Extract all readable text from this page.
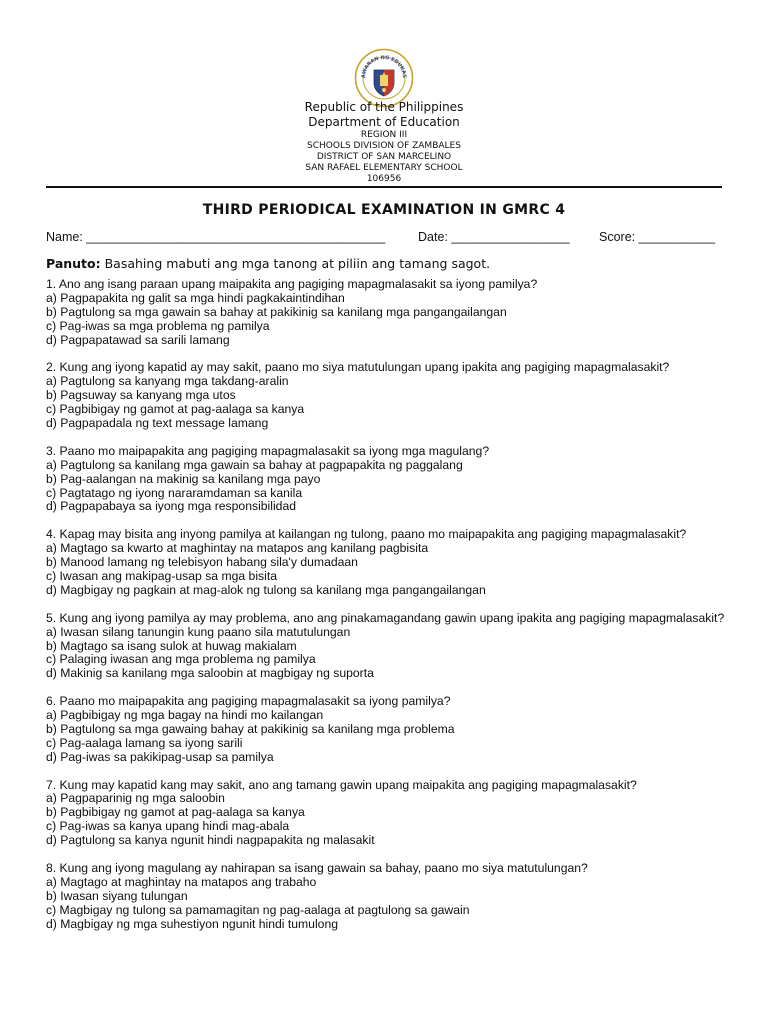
AWARAN NG EDUKAS
Republic of the Philippines
Department of Education
REGION III
SCHOOLS DIVISION OF ZAMBALES
DISTRICT OF SAN MARCELINO
SAN RAFAEL ELEMENTARY SCHOOL
106956
THIRD PERIODICAL EXAMINATION IN GMRC 4
Name: ___________________________________________	Date: _________________ Score: ___________
Panuto: Basahing mabuti ang mga tanong at piliin ang tamang sagot.
1. Ano ang isang paraan upang maipakita ang pagiging mapagmalasakit sa iyong pamilya?
a) Pagpapakita ng galit sa mga hindi pagkakaintindihan
b) Pagtulong sa mga gawain sa bahay at pakikinig sa kanilang mga pangangailangan
c) Pag-iwas sa mga problema ng pamilya
d) Pagpapatawad sa sarili lamang
2. Kung ang iyong kapatid ay may sakit, paano mo siya matutulungan upang ipakita ang pagiging mapagmalasakit?
a) Pagtulong sa kanyang mga takdang-aralin
b) Pagsuway sa kanyang mga utos
c) Pagbibigay ng gamot at pag-aalaga sa kanya
d) Pagpapadala ng text message lamang
3. Paano mo maipapakita ang pagiging mapagmalasakit sa iyong mga magulang?
a) Pagtulong sa kanilang mga gawain sa bahay at pagpapakita ng paggalang
b) Pag-aalangan na makinig sa kanilang mga payo
c) Pagtatago ng iyong nararamdaman sa kanila
d) Pagpapabaya sa iyong mga responsibilidad
4. Kapag may bisita ang inyong pamilya at kailangan ng tulong, paano mo maipapakita ang pagiging mapagmalasakit?
a) Magtago sa kwarto at maghintay na matapos ang kanilang pagbisita
b) Manood lamang ng telebisyon habang sila'y dumadaan
c) Iwasan ang makipag-usap sa mga bisita
d) Magbigay ng pagkain at mag-alok ng tulong sa kanilang mga pangangailangan
5. Kung ang iyong pamilya ay may problema, ano ang pinakamagandang gawin upang ipakita ang pagiging mapagmalasakit?
a) Iwasan silang tanungin kung paano sila matutulungan
b) Magtago sa isang sulok at huwag makialam
c) Palaging iwasan ang mga problema ng pamilya
d) Makinig sa kanilang mga saloobin at magbigay ng suporta
6. Paano mo maipapakita ang pagiging mapagmalasakit sa iyong pamilya?
a) Pagbibigay ng mga bagay na hindi mo kailangan
b) Pagtulong sa mga gawaing bahay at pakikinig sa kanilang mga problema
c) Pag-aalaga lamang sa iyong sarili
d) Pag-iwas sa pakikipag-usap sa pamilya
7. Kung may kapatid kang may sakit, ano ang tamang gawin upang maipakita ang pagiging mapagmalasakit?
a) Pagpaparinig ng mga saloobin
b) Pagbibigay ng gamot at pag-aalaga sa kanya
c) Pag-iwas sa kanya upang hindi mag-abala
d) Pagtulong sa kanya ngunit hindi nagpapakita ng malasakit
8. Kung ang iyong magulang ay nahirapan sa isang gawain sa bahay, paano mo siya matutulungan?
a) Magtago at maghintay na matapos ang trabaho
b) Iwasan siyang tulungan
c) Magbigay ng tulong sa pamamagitan ng pag-aalaga at pagtulong sa gawain
d) Magbigay ng mga suhestiyon ngunit hindi tumulong
